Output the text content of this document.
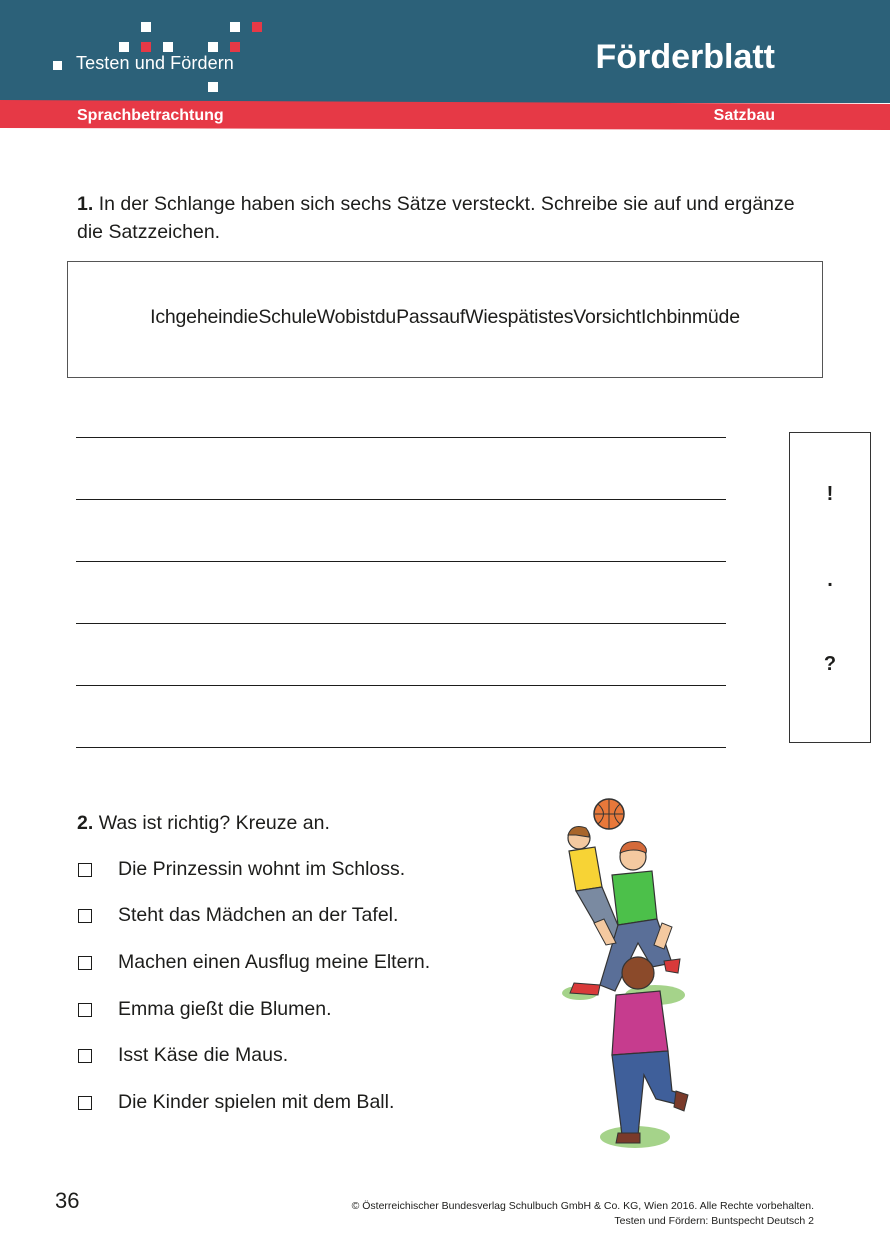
Testen und Fördern	Förderblatt
Sprachbetrachtung	Satzbau
1. In der Schlange haben sich sechs Sätze versteckt. Schreibe sie auf und ergänze die Satzzeichen.
IchgeheindieSchuleWobistduPassaufWiespätistesVorsichtIchbinmüde
!
.
?
2. Was ist richtig? Kreuze an.
Die Prinzessin wohnt im Schloss.
Steht das Mädchen an der Tafel.
Machen einen Ausflug meine Eltern.
Emma gießt die Blumen.
Isst Käse die Maus.
Die Kinder spielen mit dem Ball.
36	© Österreichischer Bundesverlag Schulbuch GmbH & Co. KG, Wien 2016. Alle Rechte vorbehalten.
Testen und Fördern: Buntspecht Deutsch 2
